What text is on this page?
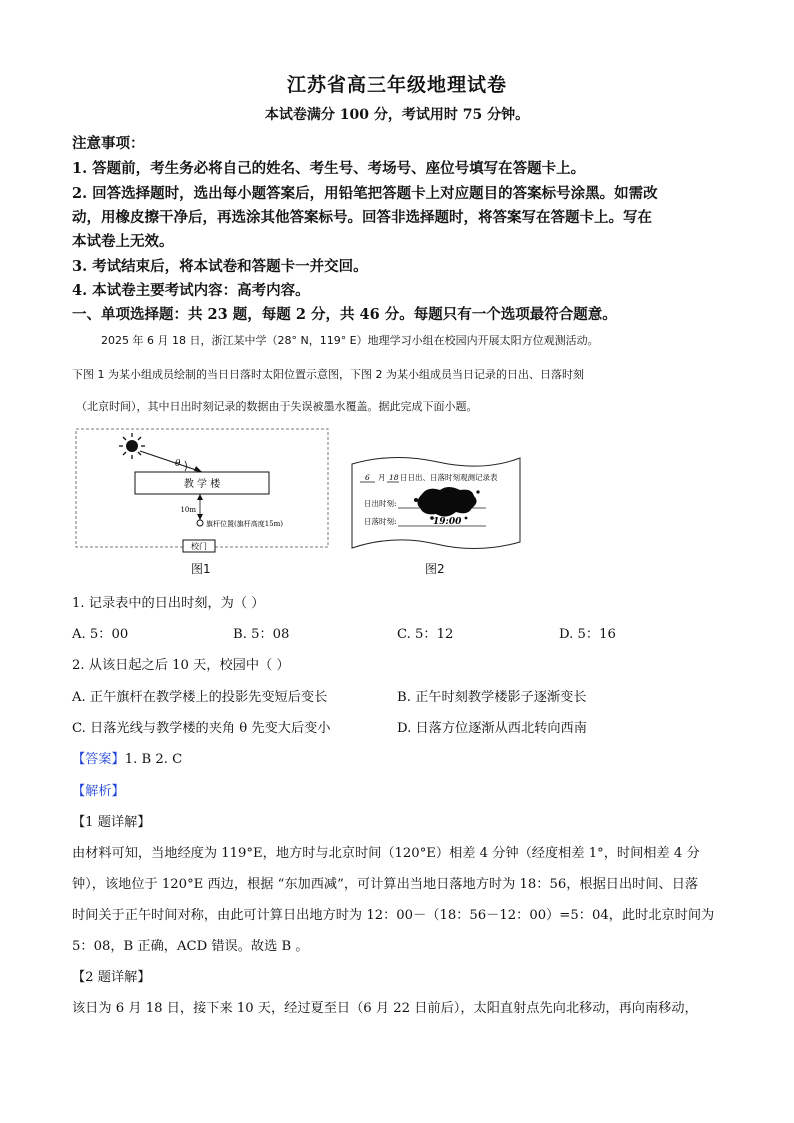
江苏省高三年级地理试卷
本试卷满分 100 分，考试用时 75 分钟。
注意事项：
1. 答题前，考生务必将自己的姓名、考生号、考场号、座位号填写在答题卡上。
2. 回答选择题时，选出每小题答案后，用铅笔把答题卡上对应题目的答案标号涂黑。如需改
动，用橡皮擦干净后，再选涂其他答案标号。回答非选择题时，将答案写在答题卡上。写在
本试卷上无效。
3. 考试结束后，将本试卷和答题卡一并交回。
4. 本试卷主要考试内容：高考内容。
一、单项选择题：共 23 题，每题 2 分，共 46 分。每题只有一个选项最符合题意。
2025 年 6 月 18 日，浙江某中学（28° N，119° E）地理学习小组在校园内开展太阳方位观测活动。
下图 1 为某小组成员绘制的当日日落时太阳位置示意图，下图 2 为某小组成员当日记录的日出、日落时刻
（北京时间），其中日出时刻记录的数据由于失误被墨水覆盖。据此完成下面小题。
θ
教 学 楼
10m
旗杆位置(旗杆高度15m)
校门
图1
6 月 18 日日出、日落时刻观测记录表
日出时刻:
日落时刻:	19:00
图2
1. 记录表中的日出时刻，为（ ）
A. 5：00	B. 5：08	C. 5：12	D. 5：16
2. 从该日起之后 10 天，校园中（ ）
A. 正午旗杆在教学楼上的投影先变短后变长	B. 正午时刻教学楼影子逐渐变长
C. 日落光线与教学楼的夹角 θ 先变大后变小	D. 日落方位逐渐从西北转向西南
【答案】1. B 2. C
【解析】
【1 题详解】
由材料可知，当地经度为 119°E，地方时与北京时间（120°E）相差 4 分钟（经度相差 1°，时间相差 4 分
钟），该地位于 120°E 西边，根据 “东加西减”，可计算出当地日落地方时为 18：56，根据日出时间、日落
时间关于正午时间对称，由此可计算日出地方时为 12：00－（18：56－12：00）=5：04，此时北京时间为
5：08，B 正确，ACD 错误。故选 B 。
【2 题详解】
该日为 6 月 18 日，接下来 10 天，经过夏至日（6 月 22 日前后），太阳直射点先向北移动，再向南移动，
